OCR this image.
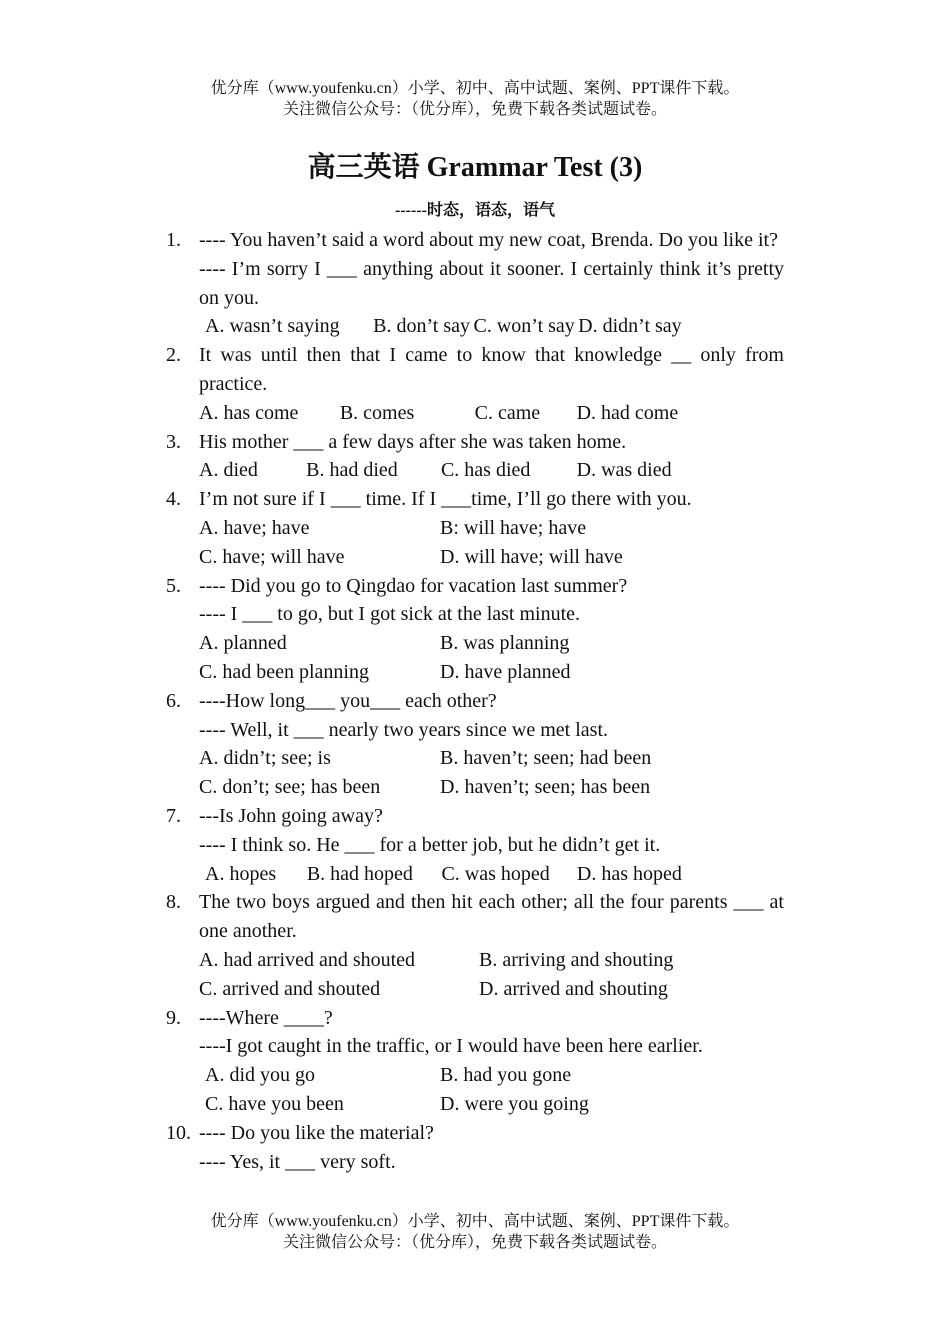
优分库（www.youfenku.cn）小学、初中、高中试题、案例、PPT课件下载。
关注微信公众号：（优分库），免费下载各类试题试卷。
高三英语 Grammar Test (3)
------时态，语态，语气
1. ---- You haven’t said a word about my new coat, Brenda. Do you like it?
---- I’m sorry I ___ anything about it sooner. I certainly think it’s pretty on you.
A. wasn’t saying	B. don’t say C. won’t say D. didn’t say
2. It was until then that I came to know that knowledge __ only from practice.
A. has come	B. comes	C. came	D. had come
3. His mother ___ a few days after she was taken home.
A. died	B. had died	C. has died	D. was died
4. I’m not sure if I ___ time. If I ___time, I’ll go there with you.
A. have; have	B: will have; have
C. have; will have	D. will have; will have
5. ---- Did you go to Qingdao for vacation last summer?
---- I ___ to go, but I got sick at the last minute.
A. planned	B. was planning
C. had been planning	D. have planned
6. ----How long___ you___ each other?
---- Well, it ___ nearly two years since we met last.
A. didn’t; see; is	B. haven’t; seen; had been
C. don’t; see; has been	D. haven’t; seen; has been
7. ---Is John going away?
---- I think so. He ___ for a better job, but he didn’t get it.
A. hopes	B. had hoped	C. was hoped	D. has hoped
8. The two boys argued and then hit each other; all the four parents ___ at one another.
A. had arrived and shouted	B. arriving and shouting
C. arrived and shouted	D. arrived and shouting
9. ----Where ____?
----I got caught in the traffic, or I would have been here earlier.
A. did you go	B. had you gone
C. have you been	D. were you going
10. ---- Do you like the material?
---- Yes, it ___ very soft.
优分库（www.youfenku.cn）小学、初中、高中试题、案例、PPT课件下载。
关注微信公众号：（优分库），免费下载各类试题试卷。
